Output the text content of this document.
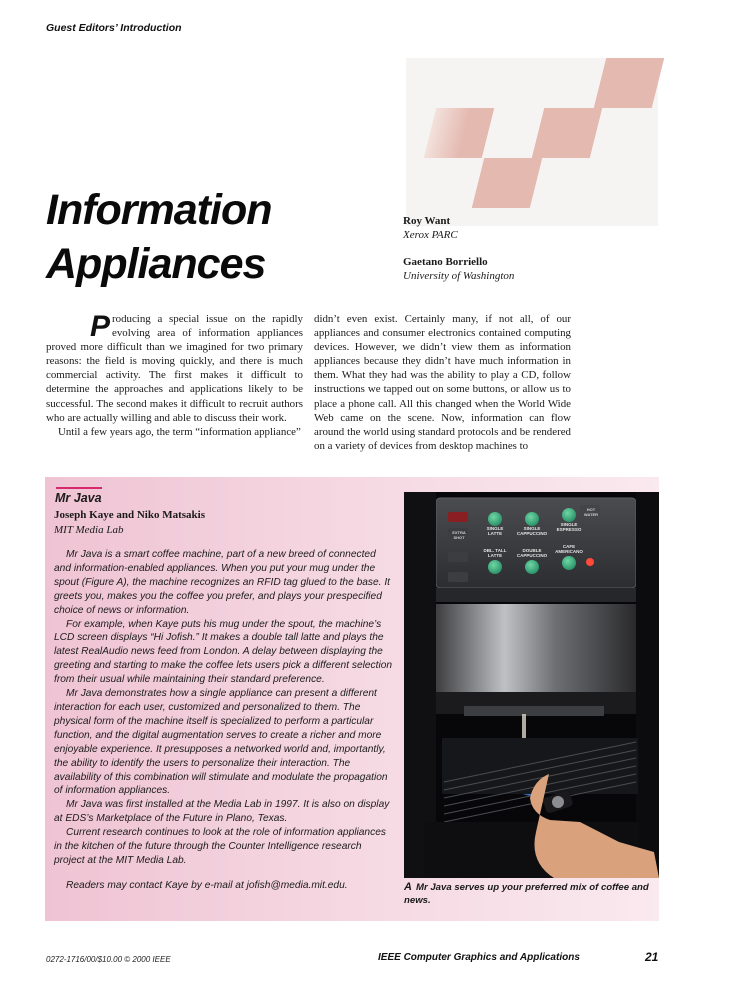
Guest Editors’ Introduction
Information
Appliances
Roy Want
Xerox PARC
Gaetano Borriello
University of Washington

Producing a special issue on the rapidly evolving area of information appliances proved more difficult than we imagined for two primary reasons: the field is moving quickly, and there is much commercial activity. The first makes it difficult to determine the approaches and applications likely to be successful. The second makes it difficult to recruit authors who are actually willing and able to discuss their work.

Until a few years ago, the term “information appliance”

didn’t even exist. Certainly many, if not all, of our appliances and consumer electronics contained computing devices. However, we didn’t view them as information appliances because they didn’t have much information in them. What they had was the ability to play a CD, follow instructions we tapped out on some buttons, or allow us to place a phone call. All this changed when the World Wide Web came on the scene. Now, information can flow around the world using standard protocols and be rendered on a variety of devices from desktop machines to

Mr Java
Joseph Kaye and Niko Matsakis
MIT Media Lab

Mr Java is a smart coffee machine, part of a new breed of connected and information-enabled appliances. When you put your mug under the spout (Figure A), the machine recognizes an RFID tag glued to the base. It greets you, makes you the coffee you prefer, and plays your prespecified choice of news or information.

For example, when Kaye puts his mug under the spout, the machine’s LCD screen displays “Hi Jofish.” It makes a double tall latte and plays the latest RealAudio news feed from London. A delay between displaying the greeting and starting to make the coffee lets users pick a different selection from their usual while maintaining their standard preference.

Mr Java demonstrates how a single appliance can present a different interaction for each user, customized and personalized to them. The physical form of the machine itself is specialized to perform a particular function, and the digital augmentation serves to create a richer and more enjoyable experience. It presupposes a networked world and, importantly, the ability to identify the users to personalize their interaction. The availability of this combination will stimulate and modulate the propagation of information appliances.

Mr Java was first installed at the Media Lab in 1997. It is also on display at EDS’s Marketplace of the Future in Plano, Texas.

Current research continues to look at the role of information appliances in the kitchen of the future through the Counter Intelligence research project at the MIT Media Lab.

Readers may contact Kaye by e-mail at jofish@media.mit.edu.

SINGLE
LATTE
SINGLE
CAPPUCCINO
SINGLE
ESPRESSO
DBL. TALL
LATTE
DOUBLE
CAPPUCCINO
CAFE
AMERICANO
EXTRA SHOT
HOT WATER
A Mr Java serves up your preferred mix of coffee and news.
0272-1716/00/$10.00 © 2000 IEEE	IEEE Computer Graphics and Applications	21
